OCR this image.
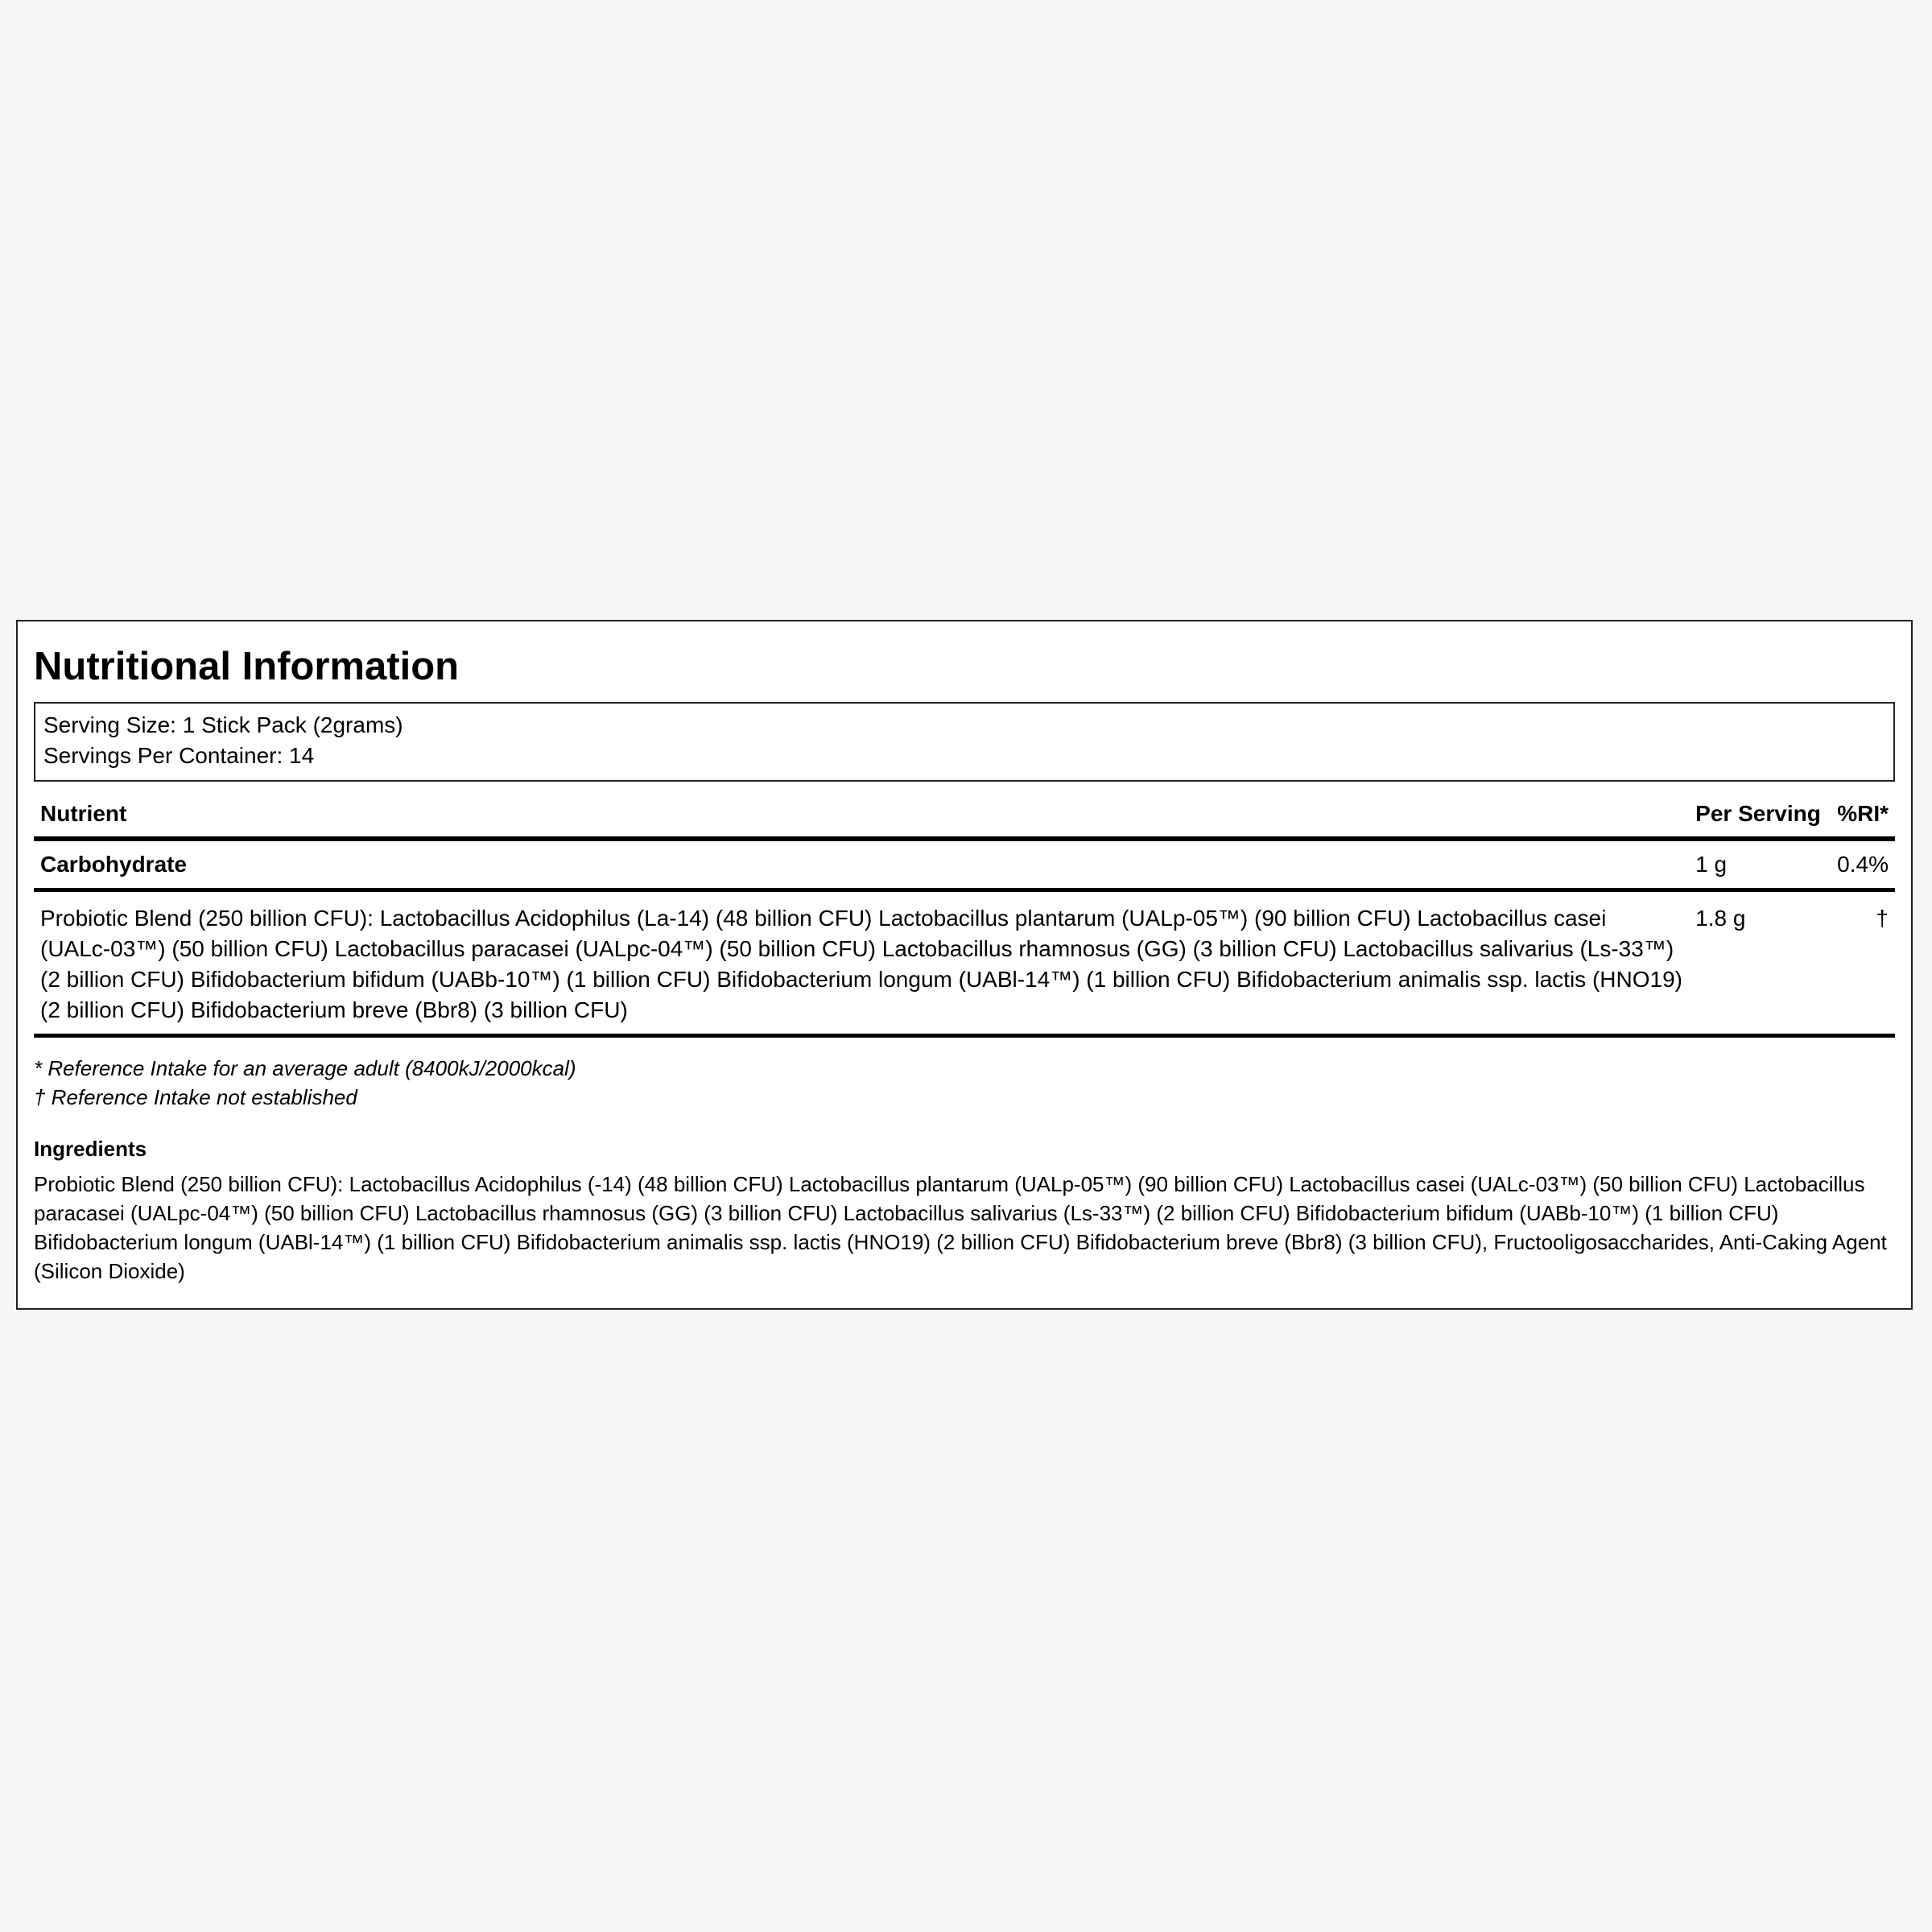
Nutritional Information
Serving Size: 1 Stick Pack (2grams)
Servings Per Container: 14
Nutrient	Per Serving	%RI*
Carbohydrate	1 g	0.4%
Probiotic Blend (250 billion CFU): Lactobacillus Acidophilus (La-14) (48 billion CFU) Lactobacillus plantarum (UALp-05™) (90 billion CFU) Lactobacillus casei (UALc-03™) (50 billion CFU) Lactobacillus paracasei (UALpc-04™) (50 billion CFU) Lactobacillus rhamnosus (GG) (3 billion CFU) Lactobacillus salivarius (Ls-33™) (2 billion CFU) Bifidobacterium bifidum (UABb-10™) (1 billion CFU) Bifidobacterium longum (UABl-14™) (1 billion CFU) Bifidobacterium animalis ssp. lactis (HNO19) (2 billion CFU) Bifidobacterium breve (Bbr8) (3 billion CFU)	1.8 g	†
* Reference Intake for an average adult (8400kJ/2000kcal)
† Reference Intake not established
Ingredients
Probiotic Blend (250 billion CFU): Lactobacillus Acidophilus (-14) (48 billion CFU) Lactobacillus plantarum (UALp-05™) (90 billion CFU) Lactobacillus casei (UALc-03™) (50 billion CFU) Lactobacillus paracasei (UALpc-04™) (50 billion CFU) Lactobacillus rhamnosus (GG) (3 billion CFU) Lactobacillus salivarius (Ls-33™) (2 billion CFU) Bifidobacterium bifidum (UABb-10™) (1 billion CFU) Bifidobacterium longum (UABl-14™) (1 billion CFU) Bifidobacterium animalis ssp. lactis (HNO19) (2 billion CFU) Bifidobacterium breve (Bbr8) (3 billion CFU), Fructooligosaccharides, Anti-Caking Agent (Silicon Dioxide)
